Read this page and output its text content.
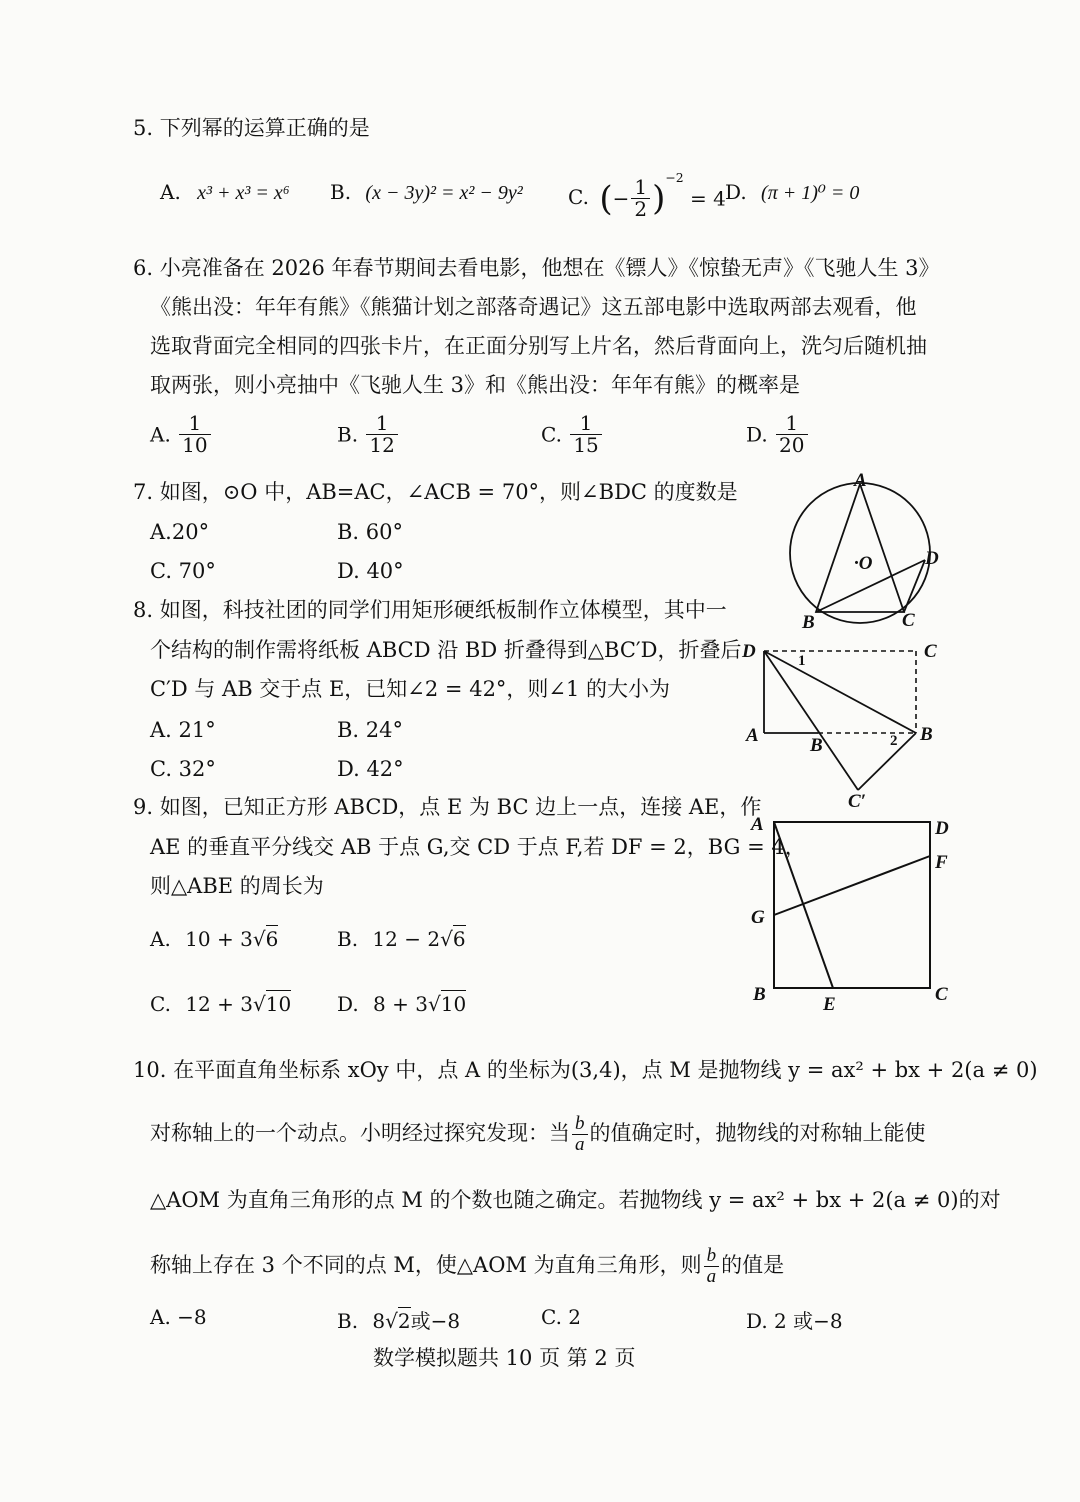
5. 下列幂的运算正确的是
A. x³ + x³ = x⁶ B. (x − 3y)² = x² − 9y² C. (− $\frac{1}{2} )^{-2} = 4$ D. (π + 1)⁰ = 0
6. 小亮准备在 2026 年春节期间去看电影，他想在《镖人》《惊蛰无声》《飞驰人生 3》
《熊出没：年年有熊》《熊猫计划之部落奇遇记》这五部电影中选取两部去观看，他
选取背面完全相同的四张卡片，在正面分别写上片名，然后背面向上，洗匀后随机抽
取两张，则小亮抽中《飞驰人生 3》和《熊出没：年年有熊》的概率是
A. $\frac{1}{10}$	B. $\frac{1}{12}$	C. $\frac{1}{15}$	D. $\frac{1}{20}$
7. 如图，⊙O 中，AB=AC，∠ACB = 70°，则∠BDC 的度数是
A.20°	B. 60°
C. 70°	D. 40°
A
B	C
D
·O
8. 如图，科技社团的同学们用矩形硬纸板制作立体模型，其中一
个结构的制作需将纸板 ABCD 沿 BD 折叠得到△BC′D，折叠后
C′D 与 AB 交于点 E，已知∠2 = 42°，则∠1 的大小为
A. 21°	B. 24°
C. 32°	D. 42°
D	C
A	B
B
C′
1
2
9. 如图，已知正方形 ABCD，点 E 为 BC 边上一点，连接 AE，作
AE 的垂直平分线交 AB 于点 G,交 CD 于点 F,若 DF = 2，BG = 4，
则△ABE 的周长为
A. 10 + 3√6	B. 12 − 2√6
C. 12 + 3√10 D. 8 + 3√10
A	D
F
G
B	E	C
10. 在平面直角坐标系 xOy 中，点 A 的坐标为(3,4)，点 M 是抛物线 y = ax² + bx + 2(a ≠ 0)
对称轴上的一个动点。小明经过探究发现：当 $\frac{b}{a}$ 的值确定时，抛物线的对称轴上能使
△AOM 为直角三角形的点 M 的个数也随之确定。若抛物线 y = ax² + bx + 2(a ≠ 0)的对
称轴上存在 3 个不同的点 M，使△AOM 为直角三角形，则 $\frac{b}{a}$ 的值是
A. −8	B. 8√2或−8	C. 2	D. 2 或−8
数学模拟题共 10 页 第 2 页
